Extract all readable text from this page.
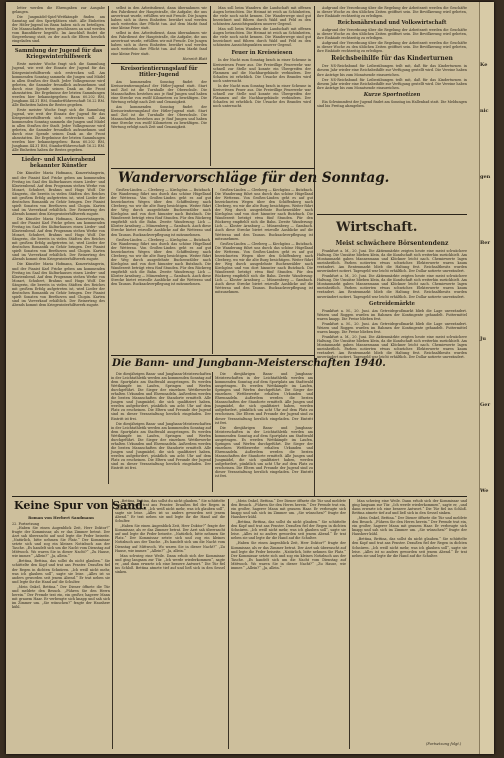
letter werden die Ehrengaben zur Ausgabe gelangen.

Die Jungmädel-Spiel-Wettkämpfe finden am Samstag auf den Sportplätzen statt. Alle Einheiten der Hitler-Jugend im Bann haben sich zu beteiligen. Die Mannschaften treten geschlossen an und werden vom Bannführer begrüßt. Im Anschluß findet die Siegerehrung statt, zu der auch die Eltern herzlich eingeladen sind.

Sammlung der Jugend für das Kriegswinterhilfswerk

Erste meister Woche fragt sich die Sammlung Jugend, wie weit der Einsatz der Jugend für das Kriegswinterhilfswerk sich erstrecken soll. Am kommenden Sonntag sammeln die Jungen und Mädel in allen Straßen der Stadt. Jeder Volksgenosse wird gebeten, die Sammler freundlich aufzunehmen und durch eine Spende seinen Dank an die Front abzustatten. Die Ergebnisse der letzten Sammlungen werden hier bekanntgegeben: Bann 60.202 RM, Jungbann 44.31 RM, Standortführerschaft 16.22 RM. Alle Einheiten haben ihr Bestes gegeben.

Erste meister Woche fragt sich die Sammlung Jugend, wie weit der Einsatz der Jugend für das Kriegswinterhilfswerk sich erstrecken soll. Am kommenden Sonntag sammeln die Jungen und Mädel in allen Straßen der Stadt. Jeder Volksgenosse wird gebeten, die Sammler freundlich aufzunehmen und durch eine Spende seinen Dank an die Front abzustatten. Die Ergebnisse der letzten Sammlungen werden hier bekanntgegeben: Bann 60.202 RM, Jungbann 44.31 RM, Standortführerschaft 16.22 RM. Alle Einheiten haben ihr Bestes gegeben.

Lieder- und Klavierabend bekannter Künstler

Die Künstler Maria Hofmann, Konzertsängerin, und der Pianist Karl Fricke geben am kommenden Freitag im Saal des Kulturhauses einen Lieder- und Klavierabend. Auf dem Programm stehen Werke von Mozart, Schubert, Brahms und Hugo Wolf. Die Sängerin, die bereits in vielen Städten des Reiches mit großem Erfolg aufgetreten ist, wird Lieder der deutschen Romantik zu Gehör bringen. Der Pianist spielt Sonaten von Beethoven und Chopin. Karten sind im Vorverkauf erhältlich. Der Reinertrag des Abends kommt dem Kriegswinterhilfswerk zugute.

Die Künstler Maria Hofmann, Konzertsängerin, und der Pianist Karl Fricke geben am kommenden Freitag im Saal des Kulturhauses einen Lieder- und Klavierabend. Auf dem Programm stehen Werke von Mozart, Schubert, Brahms und Hugo Wolf. Die Sängerin, die bereits in vielen Städten des Reiches mit großem Erfolg aufgetreten ist, wird Lieder der deutschen Romantik zu Gehör bringen. Der Pianist spielt Sonaten von Beethoven und Chopin. Karten sind im Vorverkauf erhältlich. Der Reinertrag des Abends kommt dem Kriegswinterhilfswerk zugute.

Die Künstler Maria Hofmann, Konzertsängerin, und der Pianist Karl Fricke geben am kommenden Freitag im Saal des Kulturhauses einen Lieder- und Klavierabend. Auf dem Programm stehen Werke von Mozart, Schubert, Brahms und Hugo Wolf. Die Sängerin, die bereits in vielen Städten des Reiches mit großem Erfolg aufgetreten ist, wird Lieder der deutschen Romantik zu Gehör bringen. Der Pianist spielt Sonaten von Beethoven und Chopin. Karten sind im Vorverkauf erhältlich. Der Reinertrag des Abends kommt dem Kriegswinterhilfswerk zugute.

selbst in den Arbeitsdienst, dann übernahmen wir den Fahrdienst der Hauptstraße, die Aufgabe, die uns anvertraut wurde, erfüllten wir mit Freude. Die Jungen haben sich in ihren Einheiten bewährt und werden auch weiterhin ihre Pflicht tun. Auf dem Markt fand eine kleine Feier statt.

selbst in den Arbeitsdienst, dann übernahmen wir den Fahrdienst der Hauptstraße, die Aufgabe, die uns anvertraut wurde, erfüllten wir mit Freude. Die Jungen haben sich in ihren Einheiten bewährt und werden auch weiterhin ihre Pflicht tun. Auf dem Markt fand eine kleine Feier statt.

Heinrich Blatt
Kreisorientierungslauf für Hitler-Jugend

Am kommenden Sonntag findet der Kreisorientierungslauf der Hitler-Jugend statt. Start und Ziel ist die Turnhalle der Oberschule. Die Mannschaften bestehen aus je fünf Jungen und haben eine Strecke von zwölf Kilometern zu bewältigen. Die Wertung erfolgt nach Zeit und Genauigkeit.

Am kommenden Sonntag findet der Kreisorientierungslauf der Hitler-Jugend statt. Start und Ziel ist die Turnhalle der Oberschule. Die Mannschaften bestehen aus je fünf Jungen und haben eine Strecke von zwölf Kilometern zu bewältigen. Die Wertung erfolgt nach Zeit und Genauigkeit.

Man soll beim Wandern die Landschaft mit offenen Augen betrachten. Die Heimat ist reich an Schönheiten, die viele noch nicht kennen. Die Wanderwege sind gut bezeichnet und führen durch Wald und Feld zu den schönsten Aussichtspunkten unserer Gegend.

Man soll beim Wandern die Landschaft mit offenen Augen betrachten. Die Heimat ist reich an Schönheiten, die viele noch nicht kennen. Die Wanderwege sind gut bezeichnet und führen durch Wald und Feld zu den schönsten Aussichtspunkten unserer Gegend.

Feuer in Kreiswiesen

In der Nacht zum Sonntag brach in einer Scheune in Kreiswiesen Feuer aus. Die Freiwillige Feuerwehr war schnell zur Stelle und konnte ein Übergreifen der Flammen auf die Nachbargebäude verhindern. Der Schaden ist erheblich. Die Ursache des Brandes wird noch untersucht.

In der Nacht zum Sonntag brach in einer Scheune in Kreiswiesen Feuer aus. Die Freiwillige Feuerwehr war schnell zur Stelle und konnte ein Übergreifen der Flammen auf die Nachbargebäude verhindern. Der Schaden ist erheblich. Die Ursache des Brandes wird noch untersucht.

Aufgrund der Verordnung über die Regelung der Arbeitszeit werden die Geschäfte in dieser Woche zu den üblichen Zeiten geöffnet sein. Die Bevölkerung wird gebeten, ihre Einkäufe rechtzeitig zu erledigen.

Reichsnährstand und Volkswirtschaft

Aufgrund der Verordnung über die Regelung der Arbeitszeit werden die Geschäfte in dieser Woche zu den üblichen Zeiten geöffnet sein. Die Bevölkerung wird gebeten, ihre Einkäufe rechtzeitig zu erledigen.

Aufgrund der Verordnung über die Regelung der Arbeitszeit werden die Geschäfte in dieser Woche zu den üblichen Zeiten geöffnet sein. Die Bevölkerung wird gebeten, ihre Einkäufe rechtzeitig zu erledigen.

Reichsbeihilfe für das Kinderturnen

Der NS-Reichsbund für Leibesübungen teilt mit, daß für das Kinderturnen in diesem Jahr wieder eine Reichsbeihilfe zur Verfügung gestellt wird. Die Vereine haben ihre Anträge bis zum Monatsende einzureichen.

Der NS-Reichsbund für Leibesübungen teilt mit, daß für das Kinderturnen in diesem Jahr wieder eine Reichsbeihilfe zur Verfügung gestellt wird. Die Vereine haben ihre Anträge bis zum Monatsende einzureichen.

Kurze Sportnotizen

Ein Schwimmfest der Jugend findet am Sonntag im Hallenbad statt. Die Meldungen sind bis Freitag abzugeben.

Wandervorschläge für den Sonntag.

Großen-Linden — Cleeberg — Kirchgöns — Butzbach. Die Wanderung führt uns durch das schöne Hügelland der Wetterau. Von Großen-Linden geht es auf gut bezeichneten Wegen über den Schiffenberg nach Cleeberg, wo wir die alte Burg besichtigen. Weiter führt der Weg durch ausgedehnte Buchenwälder nach Kirchgöns und von dort hinunter nach Butzbach. Die Wanderzeit beträgt etwa fünf Stunden. Für den Rückweg empfiehlt sich die Bahn. Zweite Wanderung: Lich — Kloster Arnsburg — Münzenberg — Gambach. Auch diese Strecke bietet reizvolle Ausblicke auf die Wetterau und den Taunus. Rucksackverpflegung ist mitzunehmen.

Großen-Linden — Cleeberg — Kirchgöns — Butzbach. Die Wanderung führt uns durch das schöne Hügelland der Wetterau. Von Großen-Linden geht es auf gut bezeichneten Wegen über den Schiffenberg nach Cleeberg, wo wir die alte Burg besichtigen. Weiter führt der Weg durch ausgedehnte Buchenwälder nach Kirchgöns und von dort hinunter nach Butzbach. Die Wanderzeit beträgt etwa fünf Stunden. Für den Rückweg empfiehlt sich die Bahn. Zweite Wanderung: Lich — Kloster Arnsburg — Münzenberg — Gambach. Auch diese Strecke bietet reizvolle Ausblicke auf die Wetterau und den Taunus. Rucksackverpflegung ist mitzunehmen.

Großen-Linden — Cleeberg — Kirchgöns — Butzbach. Die Wanderung führt uns durch das schöne Hügelland der Wetterau. Von Großen-Linden geht es auf gut bezeichneten Wegen über den Schiffenberg nach Cleeberg, wo wir die alte Burg besichtigen. Weiter führt der Weg durch ausgedehnte Buchenwälder nach Kirchgöns und von dort hinunter nach Butzbach. Die Wanderzeit beträgt etwa fünf Stunden. Für den Rückweg empfiehlt sich die Bahn. Zweite Wanderung: Lich — Kloster Arnsburg — Münzenberg — Gambach. Auch diese Strecke bietet reizvolle Ausblicke auf die Wetterau und den Taunus. Rucksackverpflegung ist mitzunehmen.

Großen-Linden — Cleeberg — Kirchgöns — Butzbach. Die Wanderung führt uns durch das schöne Hügelland der Wetterau. Von Großen-Linden geht es auf gut bezeichneten Wegen über den Schiffenberg nach Cleeberg, wo wir die alte Burg besichtigen. Weiter führt der Weg durch ausgedehnte Buchenwälder nach Kirchgöns und von dort hinunter nach Butzbach. Die Wanderzeit beträgt etwa fünf Stunden. Für den Rückweg empfiehlt sich die Bahn. Zweite Wanderung: Lich — Kloster Arnsburg — Münzenberg — Gambach. Auch diese Strecke bietet reizvolle Ausblicke auf die Wetterau und den Taunus. Rucksackverpflegung ist mitzunehmen.

Die Bann- und Jungbann-Meisterschaften 1940.

Die diesjährigen Bann- und Jungbann-Meisterschaften in der Leichtathletik werden am kommenden Sonntag auf dem Sportplatz am Stadtwald ausgetragen. Es werden Wettkämpfe im Laufen, Springen und Werfen durchgeführt. Die Sieger der einzelnen Wettbewerbe erhalten Urkunden und Ehrennadeln. Außerdem werden die besten Mannschaften der Standorte ermittelt. Alle Jungen und Jungmädel, die sich qualifiziert haben, werden aufgefordert, pünktlich um acht Uhr auf dem Platz zu erscheinen. Die Eltern und Freunde der Jugend sind zu dieser Veranstaltung herzlich eingeladen. Der Eintritt ist frei.

Die diesjährigen Bann- und Jungbann-Meisterschaften in der Leichtathletik werden am kommenden Sonntag auf dem Sportplatz am Stadtwald ausgetragen. Es werden Wettkämpfe im Laufen, Springen und Werfen durchgeführt. Die Sieger der einzelnen Wettbewerbe erhalten Urkunden und Ehrennadeln. Außerdem werden die besten Mannschaften der Standorte ermittelt. Alle Jungen und Jungmädel, die sich qualifiziert haben, werden aufgefordert, pünktlich um acht Uhr auf dem Platz zu erscheinen. Die Eltern und Freunde der Jugend sind zu dieser Veranstaltung herzlich eingeladen. Der Eintritt ist frei.

Die diesjährigen Bann- und Jungbann-Meisterschaften in der Leichtathletik werden am kommenden Sonntag auf dem Sportplatz am Stadtwald ausgetragen. Es werden Wettkämpfe im Laufen, Springen und Werfen durchgeführt. Die Sieger der einzelnen Wettbewerbe erhalten Urkunden und Ehrennadeln. Außerdem werden die besten Mannschaften der Standorte ermittelt. Alle Jungen und Jungmädel, die sich qualifiziert haben, werden aufgefordert, pünktlich um acht Uhr auf dem Platz zu erscheinen. Die Eltern und Freunde der Jugend sind zu dieser Veranstaltung herzlich eingeladen. Der Eintritt ist frei.

Die diesjährigen Bann- und Jungbann-Meisterschaften in der Leichtathletik werden am kommenden Sonntag auf dem Sportplatz am Stadtwald ausgetragen. Es werden Wettkämpfe im Laufen, Springen und Werfen durchgeführt. Die Sieger der einzelnen Wettbewerbe erhalten Urkunden und Ehrennadeln. Außerdem werden die besten Mannschaften der Standorte ermittelt. Alle Jungen und Jungmädel, die sich qualifiziert haben, werden aufgefordert, pünktlich um acht Uhr auf dem Platz zu erscheinen. Die Eltern und Freunde der Jugend sind zu dieser Veranstaltung herzlich eingeladen. Der Eintritt ist frei.

Wirtschaft.
Meist schwächere Börsentendenz

Frankfurt a. M., 20. Juni. Die Aktienmärkte zeigten heute eine meist schwächere Haltung. Die Umsätze blieben klein, da die Kundschaft sich weiterhin zurückhielt. Am Montanmarkt gaben Mannesmann und Klöckner leicht nach. Chemiewerte lagen uneinheitlich. Farben notierten etwas schwächer. Elektrowerte waren kaum verändert. Am Rentenmarkt blieb die Haltung fest. Reichsaltbesitz wurden unverändert notiert. Tagesgeld war leicht erhältlich. Der Dollar notierte unverändert.

Frankfurt a. M., 20. Juni. Die Aktienmärkte zeigten heute eine meist schwächere Haltung. Die Umsätze blieben klein, da die Kundschaft sich weiterhin zurückhielt. Am Montanmarkt gaben Mannesmann und Klöckner leicht nach. Chemiewerte lagen uneinheitlich. Farben notierten etwas schwächer. Elektrowerte waren kaum verändert. Am Rentenmarkt blieb die Haltung fest. Reichsaltbesitz wurden unverändert notiert. Tagesgeld war leicht erhältlich. Der Dollar notierte unverändert.

Getreidemärkte

Frankfurt a. M., 20. Juni. Am Getreidegroßmarkt blieb die Lage unverändert. Weizen und Roggen wurden im Rahmen der Kontingente gehandelt. Futtermittel waren knapp. Die Preise blieben fest.

Frankfurt a. M., 20. Juni. Am Getreidegroßmarkt blieb die Lage unverändert. Weizen und Roggen wurden im Rahmen der Kontingente gehandelt. Futtermittel waren knapp. Die Preise blieben fest.

Frankfurt a. M., 20. Juni. Die Aktienmärkte zeigten heute eine meist schwächere Haltung. Die Umsätze blieben klein, da die Kundschaft sich weiterhin zurückhielt. Am Montanmarkt gaben Mannesmann und Klöckner leicht nach. Chemiewerte lagen uneinheitlich. Farben notierten etwas schwächer. Elektrowerte waren kaum verändert. Am Rentenmarkt blieb die Haltung fest. Reichsaltbesitz wurden unverändert notiert. Tagesgeld war leicht erhältlich. Der Dollar notierte unverändert.

Keine Spur von Sand.
Roman von Herbert Sandmann
22. Fortsetzung

„Haben Sie einen Augenblick Zeit, Herr Doktor?“ fragte der Kommissar, als er das Zimmer betrat. Der Arzt sah überrascht auf und legte die Feder beiseite. „Natürlich, bitte nehmen Sie Platz.“ Der Kommissar setzte sich und zog ein kleines Notizbuch aus der Tasche. „Es handelt sich um die Nacht vom Dienstag auf Mittwoch. Wo waren Sie in dieser Nacht?“ „Zu Hause, wie immer.“ „Allein?“ „Ja, allein.“

„Bettina, Bettina, das sollst du nicht glauben.“ Sie schüttelte den Kopf und trat ans Fenster. Draußen fiel der Regen in dichten Schnüren. „Ich weiß nicht mehr, was ich glauben soll“, sagte sie leise. „Alles ist so anders geworden seit jenem Abend.“ Er trat neben sie und legte ihr die Hand auf die Schulter.

„Mein Onkel, Bettina.“ Der Diener öffnete die Tür und meldete den Besuch. „Führen Sie den Herrn herein.“ Der Fremde trat ein, ein großer, hagerer Mann mit grauem Haar. Er verbeugte sich knapp und sah sich im Zimmer um. „Sie wünschen?“ fragte der Hausherr kühl.

„Bettina, Bettina, das sollst du nicht glauben.“ Sie schüttelte den Kopf und trat ans Fenster. Draußen fiel der Regen in dichten Schnüren. „Ich weiß nicht mehr, was ich glauben soll“, sagte sie leise. „Alles ist so anders geworden seit jenem Abend.“ Er trat neben sie und legte ihr die Hand auf die Schulter.

„Haben Sie einen Augenblick Zeit, Herr Doktor?“ fragte der Kommissar, als er das Zimmer betrat. Der Arzt sah überrascht auf und legte die Feder beiseite. „Natürlich, bitte nehmen Sie Platz.“ Der Kommissar setzte sich und zog ein kleines Notizbuch aus der Tasche. „Es handelt sich um die Nacht vom Dienstag auf Mittwoch. Wo waren Sie in dieser Nacht?“ „Zu Hause, wie immer.“ „Allein?“ „Ja, allein.“

Man schwieg eine Weile. Dann erhob sich der Kommissar und ging langsam zur Tür. „Ich werde wiederkommen“, sagte er, „und dann erwarte ich eine bessere Antwort.“ Die Tür fiel ins Schloß. Bettina atmete tief auf und ließ sich in den Sessel sinken.

„Mein Onkel, Bettina.“ Der Diener öffnete die Tür und meldete den Besuch. „Führen Sie den Herrn herein.“ Der Fremde trat ein, ein großer, hagerer Mann mit grauem Haar. Er verbeugte sich knapp und sah sich im Zimmer um. „Sie wünschen?“ fragte der Hausherr kühl.

„Bettina, Bettina, das sollst du nicht glauben.“ Sie schüttelte den Kopf und trat ans Fenster. Draußen fiel der Regen in dichten Schnüren. „Ich weiß nicht mehr, was ich glauben soll“, sagte sie leise. „Alles ist so anders geworden seit jenem Abend.“ Er trat neben sie und legte ihr die Hand auf die Schulter.

„Haben Sie einen Augenblick Zeit, Herr Doktor?“ fragte der Kommissar, als er das Zimmer betrat. Der Arzt sah überrascht auf und legte die Feder beiseite. „Natürlich, bitte nehmen Sie Platz.“ Der Kommissar setzte sich und zog ein kleines Notizbuch aus der Tasche. „Es handelt sich um die Nacht vom Dienstag auf Mittwoch. Wo waren Sie in dieser Nacht?“ „Zu Hause, wie immer.“ „Allein?“ „Ja, allein.“

Man schwieg eine Weile. Dann erhob sich der Kommissar und ging langsam zur Tür. „Ich werde wiederkommen“, sagte er, „und dann erwarte ich eine bessere Antwort.“ Die Tür fiel ins Schloß. Bettina atmete tief auf und ließ sich in den Sessel sinken.

„Mein Onkel, Bettina.“ Der Diener öffnete die Tür und meldete den Besuch. „Führen Sie den Herrn herein.“ Der Fremde trat ein, ein großer, hagerer Mann mit grauem Haar. Er verbeugte sich knapp und sah sich im Zimmer um. „Sie wünschen?“ fragte der Hausherr kühl.

„Bettina, Bettina, das sollst du nicht glauben.“ Sie schüttelte den Kopf und trat ans Fenster. Draußen fiel der Regen in dichten Schnüren. „Ich weiß nicht mehr, was ich glauben soll“, sagte sie leise. „Alles ist so anders geworden seit jenem Abend.“ Er trat neben sie und legte ihr die Hand auf die Schulter.

(Fortsetzung folgt.)
Ke
nic
gen
Ber
Ju
Ger
We
